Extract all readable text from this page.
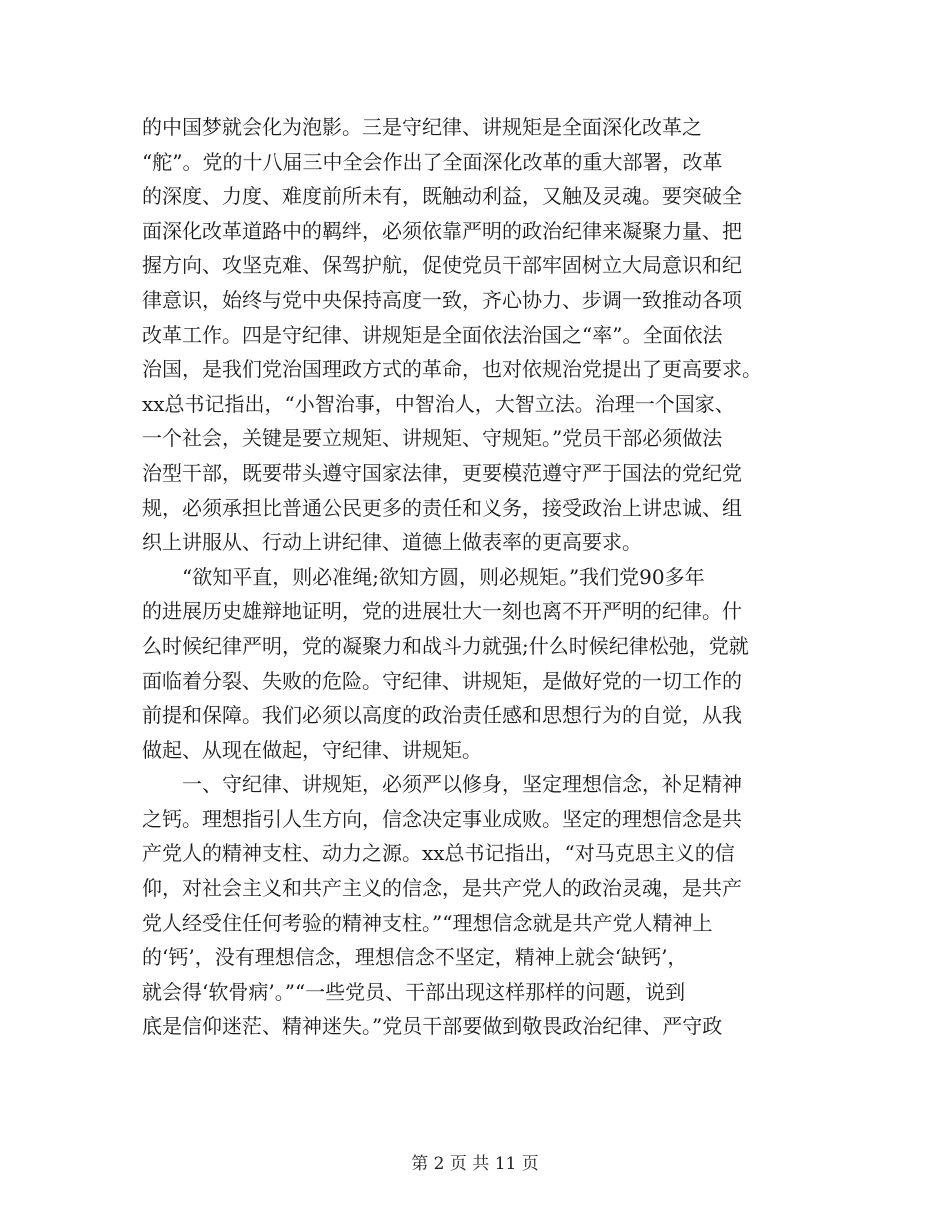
的中国梦就会化为泡影。三是守纪律、讲规矩是全面深化改革之
“舵”。党的十八届三中全会作出了全面深化改革的重大部署，改革
的深度、力度、难度前所未有，既触动利益，又触及灵魂。要突破全
面深化改革道路中的羁绊，必须依靠严明的政治纪律来凝聚力量、把
握方向、攻坚克难、保驾护航，促使党员干部牢固树立大局意识和纪
律意识，始终与党中央保持高度一致，齐心协力、步调一致推动各项
改革工作。四是守纪律、讲规矩是全面依法治国之“率”。全面依法
治国，是我们党治国理政方式的革命，也对依规治党提出了更高要求。
xx总书记指出，“小智治事，中智治人，大智立法。治理一个国家、
一个社会，关键是要立规矩、讲规矩、守规矩。”党员干部必须做法
治型干部，既要带头遵守国家法律，更要模范遵守严于国法的党纪党
规，必须承担比普通公民更多的责任和义务，接受政治上讲忠诚、组
织上讲服从、行动上讲纪律、道德上做表率的更高要求。
　　“欲知平直，则必准绳;欲知方圆，则必规矩。”我们党90多年
的进展历史雄辩地证明，党的进展壮大一刻也离不开严明的纪律。什
么时候纪律严明，党的凝聚力和战斗力就强;什么时候纪律松弛，党就
面临着分裂、失败的危险。守纪律、讲规矩，是做好党的一切工作的
前提和保障。我们必须以高度的政治责任感和思想行为的自觉，从我
做起、从现在做起，守纪律、讲规矩。
　　一、守纪律、讲规矩，必须严以修身，坚定理想信念，补足精神
之钙。理想指引人生方向，信念决定事业成败。坚定的理想信念是共
产党人的精神支柱、动力之源。xx总书记指出，“对马克思主义的信
仰，对社会主义和共产主义的信念，是共产党人的政治灵魂，是共产
党人经受住任何考验的精神支柱。”“理想信念就是共产党人精神上
的‘钙’，没有理想信念，理想信念不坚定，精神上就会‘缺钙’，
就会得‘软骨病’。”“一些党员、干部出现这样那样的问题，说到
底是信仰迷茫、精神迷失。”党员干部要做到敬畏政治纪律、严守政
第 2 页 共 11 页
